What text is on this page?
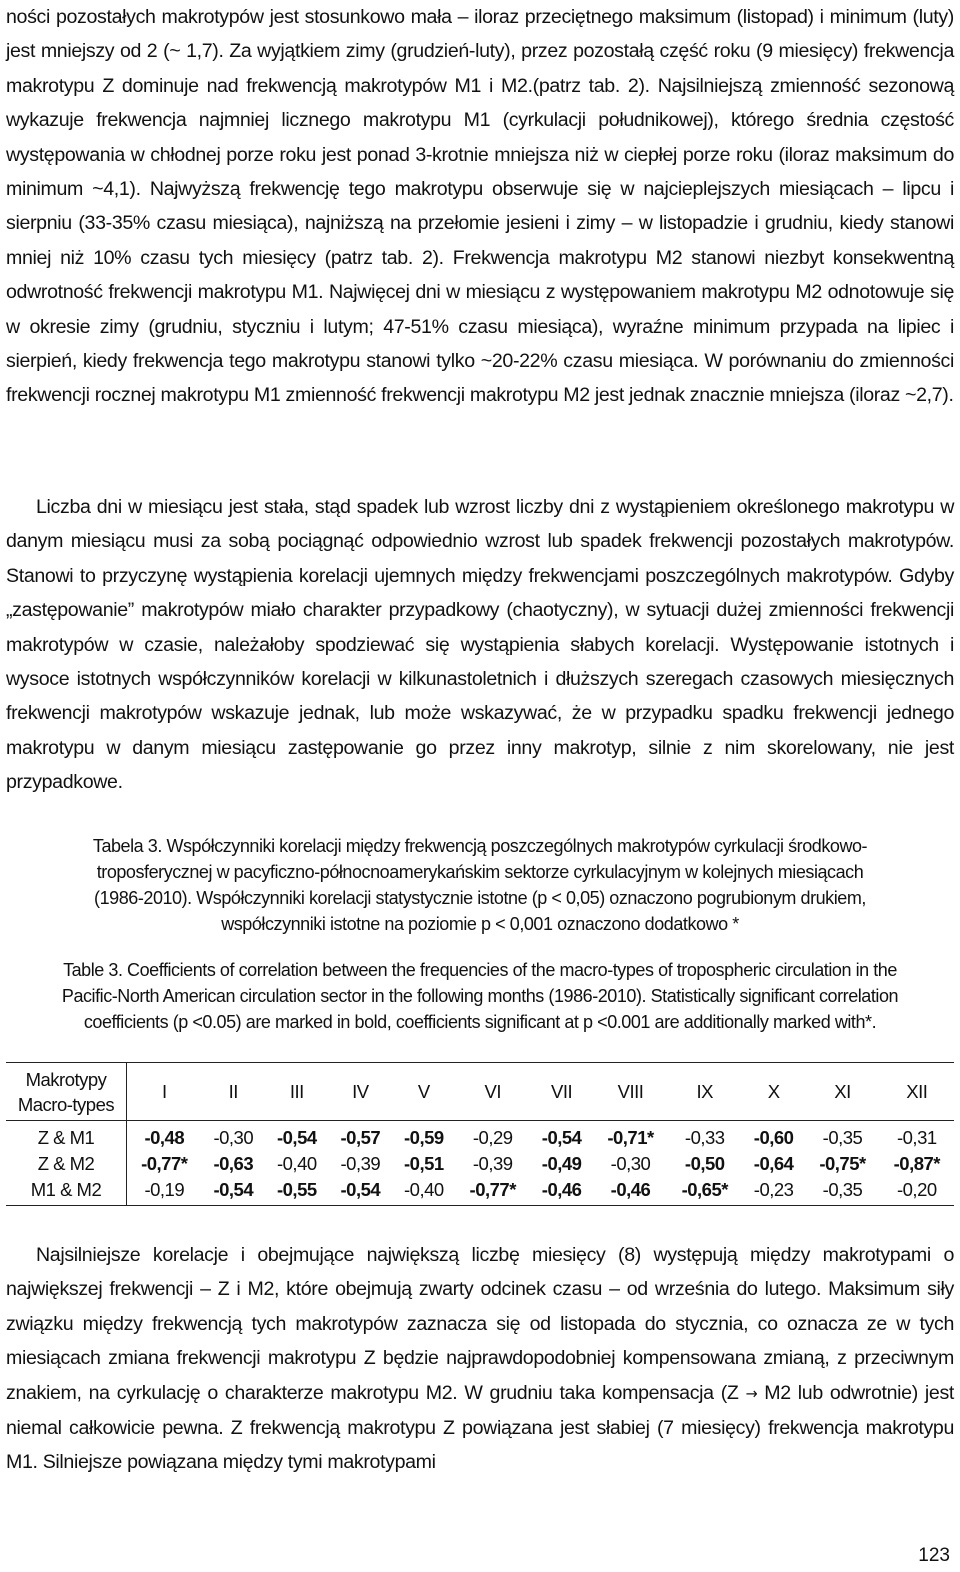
ności pozostałych makrotypów jest stosunkowo mała – iloraz przeciętnego maksimum (listopad) i minimum (luty) jest mniejszy od 2 (~ 1,7). Za wyjątkiem zimy (grudzień-luty), przez pozostałą część roku (9 miesięcy) frekwencja makrotypu Z dominuje nad frekwencją makrotypów M1 i M2.(patrz tab. 2). Najsilniejszą zmienność sezonową wykazuje frekwencja najmniej licznego makrotypu M1 (cyrkulacji południkowej), którego średnia częstość występowania w chłodnej porze roku jest ponad 3-krotnie mniejsza niż w ciepłej porze roku (iloraz maksimum do minimum ~4,1). Najwyższą frekwencję tego makrotypu obserwuje się w najcieplejszych miesiącach – lipcu i sierpniu (33-35% czasu miesiąca), najniższą na przełomie jesieni i zimy – w listopadzie i grudniu, kiedy stanowi mniej niż 10% czasu tych miesięcy (patrz tab. 2). Frekwencja makrotypu M2 stanowi niezbyt konsekwentną odwrotność frekwencji makrotypu M1. Najwięcej dni w miesiącu z występowaniem makrotypu M2 odnotowuje się w okresie zimy (grudniu, styczniu i lutym; 47-51% czasu miesiąca), wyraźne minimum przypada na lipiec i sierpień, kiedy frekwencja tego makrotypu stanowi tylko ~20-22% czasu miesiąca. W porównaniu do zmienności frekwencji rocznej makrotypu M1 zmienność frekwencji makrotypu M2 jest jednak znacznie mniejsza (iloraz ~2,7).

Liczba dni w miesiącu jest stała, stąd spadek lub wzrost liczby dni z wystąpieniem określonego makrotypu w danym miesiącu musi za sobą pociągnąć odpowiednio wzrost lub spadek frekwencji pozostałych makrotypów. Stanowi to przyczynę wystąpienia korelacji ujemnych między frekwencjami poszczególnych makrotypów. Gdyby „zastępowanie” makrotypów miało charakter przypadkowy (chaotyczny), w sytuacji dużej zmienności frekwencji makrotypów w czasie, należałoby spodziewać się wystąpienia słabych korelacji. Występowanie istotnych i wysoce istotnych współczynników korelacji w kilkunastoletnich i dłuższych szeregach czasowych miesięcznych frekwencji makrotypów wskazuje jednak, lub może wskazywać, że w przypadku spadku frekwencji jednego makrotypu w danym miesiącu zastępowanie go przez inny makrotyp, silnie z nim skorelowany, nie jest przypadkowe.

Tabela 3. Współczynniki korelacji między frekwencją poszczególnych makrotypów cyrkulacji środkowo-
troposferycznej w pacyficzno-północnoamerykańskim sektorze cyrkulacyjnym w kolejnych miesiącach
(1986-2010). Współczynniki korelacji statystycznie istotne (p < 0,05) oznaczono pogrubionym drukiem,
współczynniki istotne na poziomie p < 0,001 oznaczono dodatkowo *
Table 3. Coefficients of correlation between the frequencies of the macro-types of tropospheric circulation in the
Pacific-North American circulation sector in the following months (1986-2010). Statistically significant correlation
coefficients (p <0.05) are marked in bold, coefficients significant at p <0.001 are additionally marked with*.
Makrotypy
Macro-types	I	II	III	IV	V	VI	VII	VIII	IX	X	XI	XII
Z & M1	-0,48	-0,30	-0,54	-0,57	-0,59	-0,29	-0,54	-0,71*	-0,33	-0,60	-0,35	-0,31
Z & M2	-0,77*	-0,63	-0,40	-0,39	-0,51	-0,39	-0,49	-0,30	-0,50	-0,64	-0,75*	-0,87*
M1 & M2	-0,19	-0,54	-0,55	-0,54	-0,40	-0,77*	-0,46	-0,46	-0,65*	-0,23	-0,35	-0,20

Najsilniejsze korelacje i obejmujące największą liczbę miesięcy (8) występują między makrotypami o największej frekwencji – Z i M2, które obejmują zwarty odcinek czasu – od września do lutego. Maksimum siły związku między frekwencją tych makrotypów zaznacza się od listopada do stycznia, co oznacza ze w tych miesiącach zmiana frekwencji makrotypu Z będzie najprawdopodobniej kompensowana zmianą, z przeciwnym znakiem, na cyrkulację o charakterze makrotypu M2. W grudniu taka kompensacja (Z → M2 lub odwrotnie) jest niemal całkowicie pewna. Z frekwencją makrotypu Z powiązana jest słabiej (7 miesięcy) frekwencja makrotypu M1. Silniejsze powiązana między tymi makrotypami

123
